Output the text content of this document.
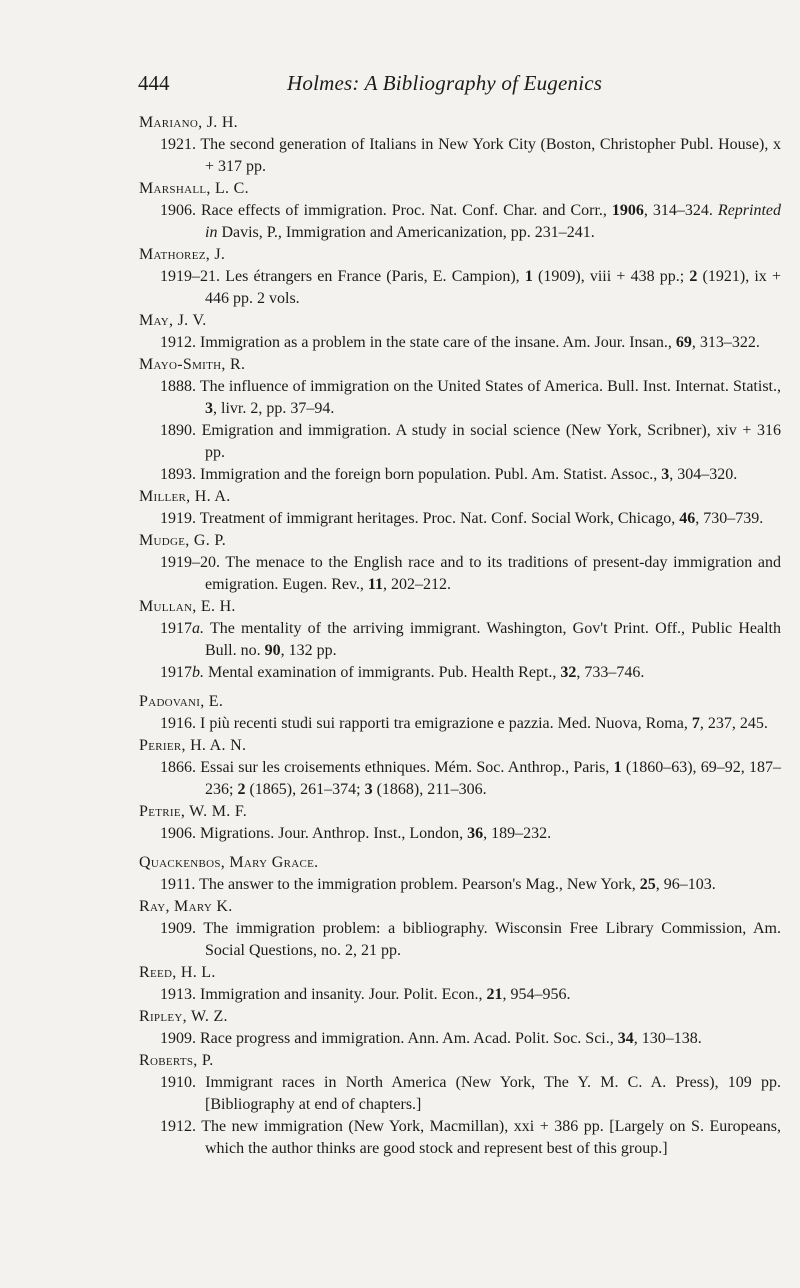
444	Holmes: A Bibliography of Eugenics

Mariano, J. H.

1921. The second generation of Italians in New York City (Boston, Christopher Publ. House), x + 317 pp.

Marshall, L. C.

1906. Race effects of immigration. Proc. Nat. Conf. Char. and Corr., 1906, 314–324. Reprinted in Davis, P., Immigration and Americanization, pp. 231–241.

Mathorez, J.

1919–21. Les étrangers en France (Paris, E. Campion), 1 (1909), viii + 438 pp.; 2 (1921), ix + 446 pp. 2 vols.

May, J. V.

1912. Immigration as a problem in the state care of the insane. Am. Jour. Insan., 69, 313–322.

Mayo-Smith, R.

1888. The influence of immigration on the United States of America. Bull. Inst. Internat. Statist., 3, livr. 2, pp. 37–94.

1890. Emigration and immigration. A study in social science (New York, Scribner), xiv + 316 pp.

1893. Immigration and the foreign born population. Publ. Am. Statist. Assoc., 3, 304–320.

Miller, H. A.

1919. Treatment of immigrant heritages. Proc. Nat. Conf. Social Work, Chicago, 46, 730–739.

Mudge, G. P.

1919–20. The menace to the English race and to its traditions of present-day immigration and emigration. Eugen. Rev., 11, 202–212.

Mullan, E. H.

1917a. The mentality of the arriving immigrant. Washington, Gov't Print. Off., Public Health Bull. no. 90, 132 pp.

1917b. Mental examination of immigrants. Pub. Health Rept., 32, 733–746.

Padovani, E.

1916. I più recenti studi sui rapporti tra emigrazione e pazzia. Med. Nuova, Roma, 7, 237, 245.

Perier, H. A. N.

1866. Essai sur les croisements ethniques. Mém. Soc. Anthrop., Paris, 1 (1860–63), 69–92, 187–236; 2 (1865), 261–374; 3 (1868), 211–306.

Petrie, W. M. F.

1906. Migrations. Jour. Anthrop. Inst., London, 36, 189–232.

Quackenbos, Mary Grace.

1911. The answer to the immigration problem. Pearson's Mag., New York, 25, 96–103.

Ray, Mary K.

1909. The immigration problem: a bibliography. Wisconsin Free Library Commission, Am. Social Questions, no. 2, 21 pp.

Reed, H. L.

1913. Immigration and insanity. Jour. Polit. Econ., 21, 954–956.

Ripley, W. Z.

1909. Race progress and immigration. Ann. Am. Acad. Polit. Soc. Sci., 34, 130–138.

Roberts, P.

1910. Immigrant races in North America (New York, The Y. M. C. A. Press), 109 pp. [Bibliography at end of chapters.]

1912. The new immigration (New York, Macmillan), xxi + 386 pp. [Largely on S. Europeans, which the author thinks are good stock and represent best of this group.]
